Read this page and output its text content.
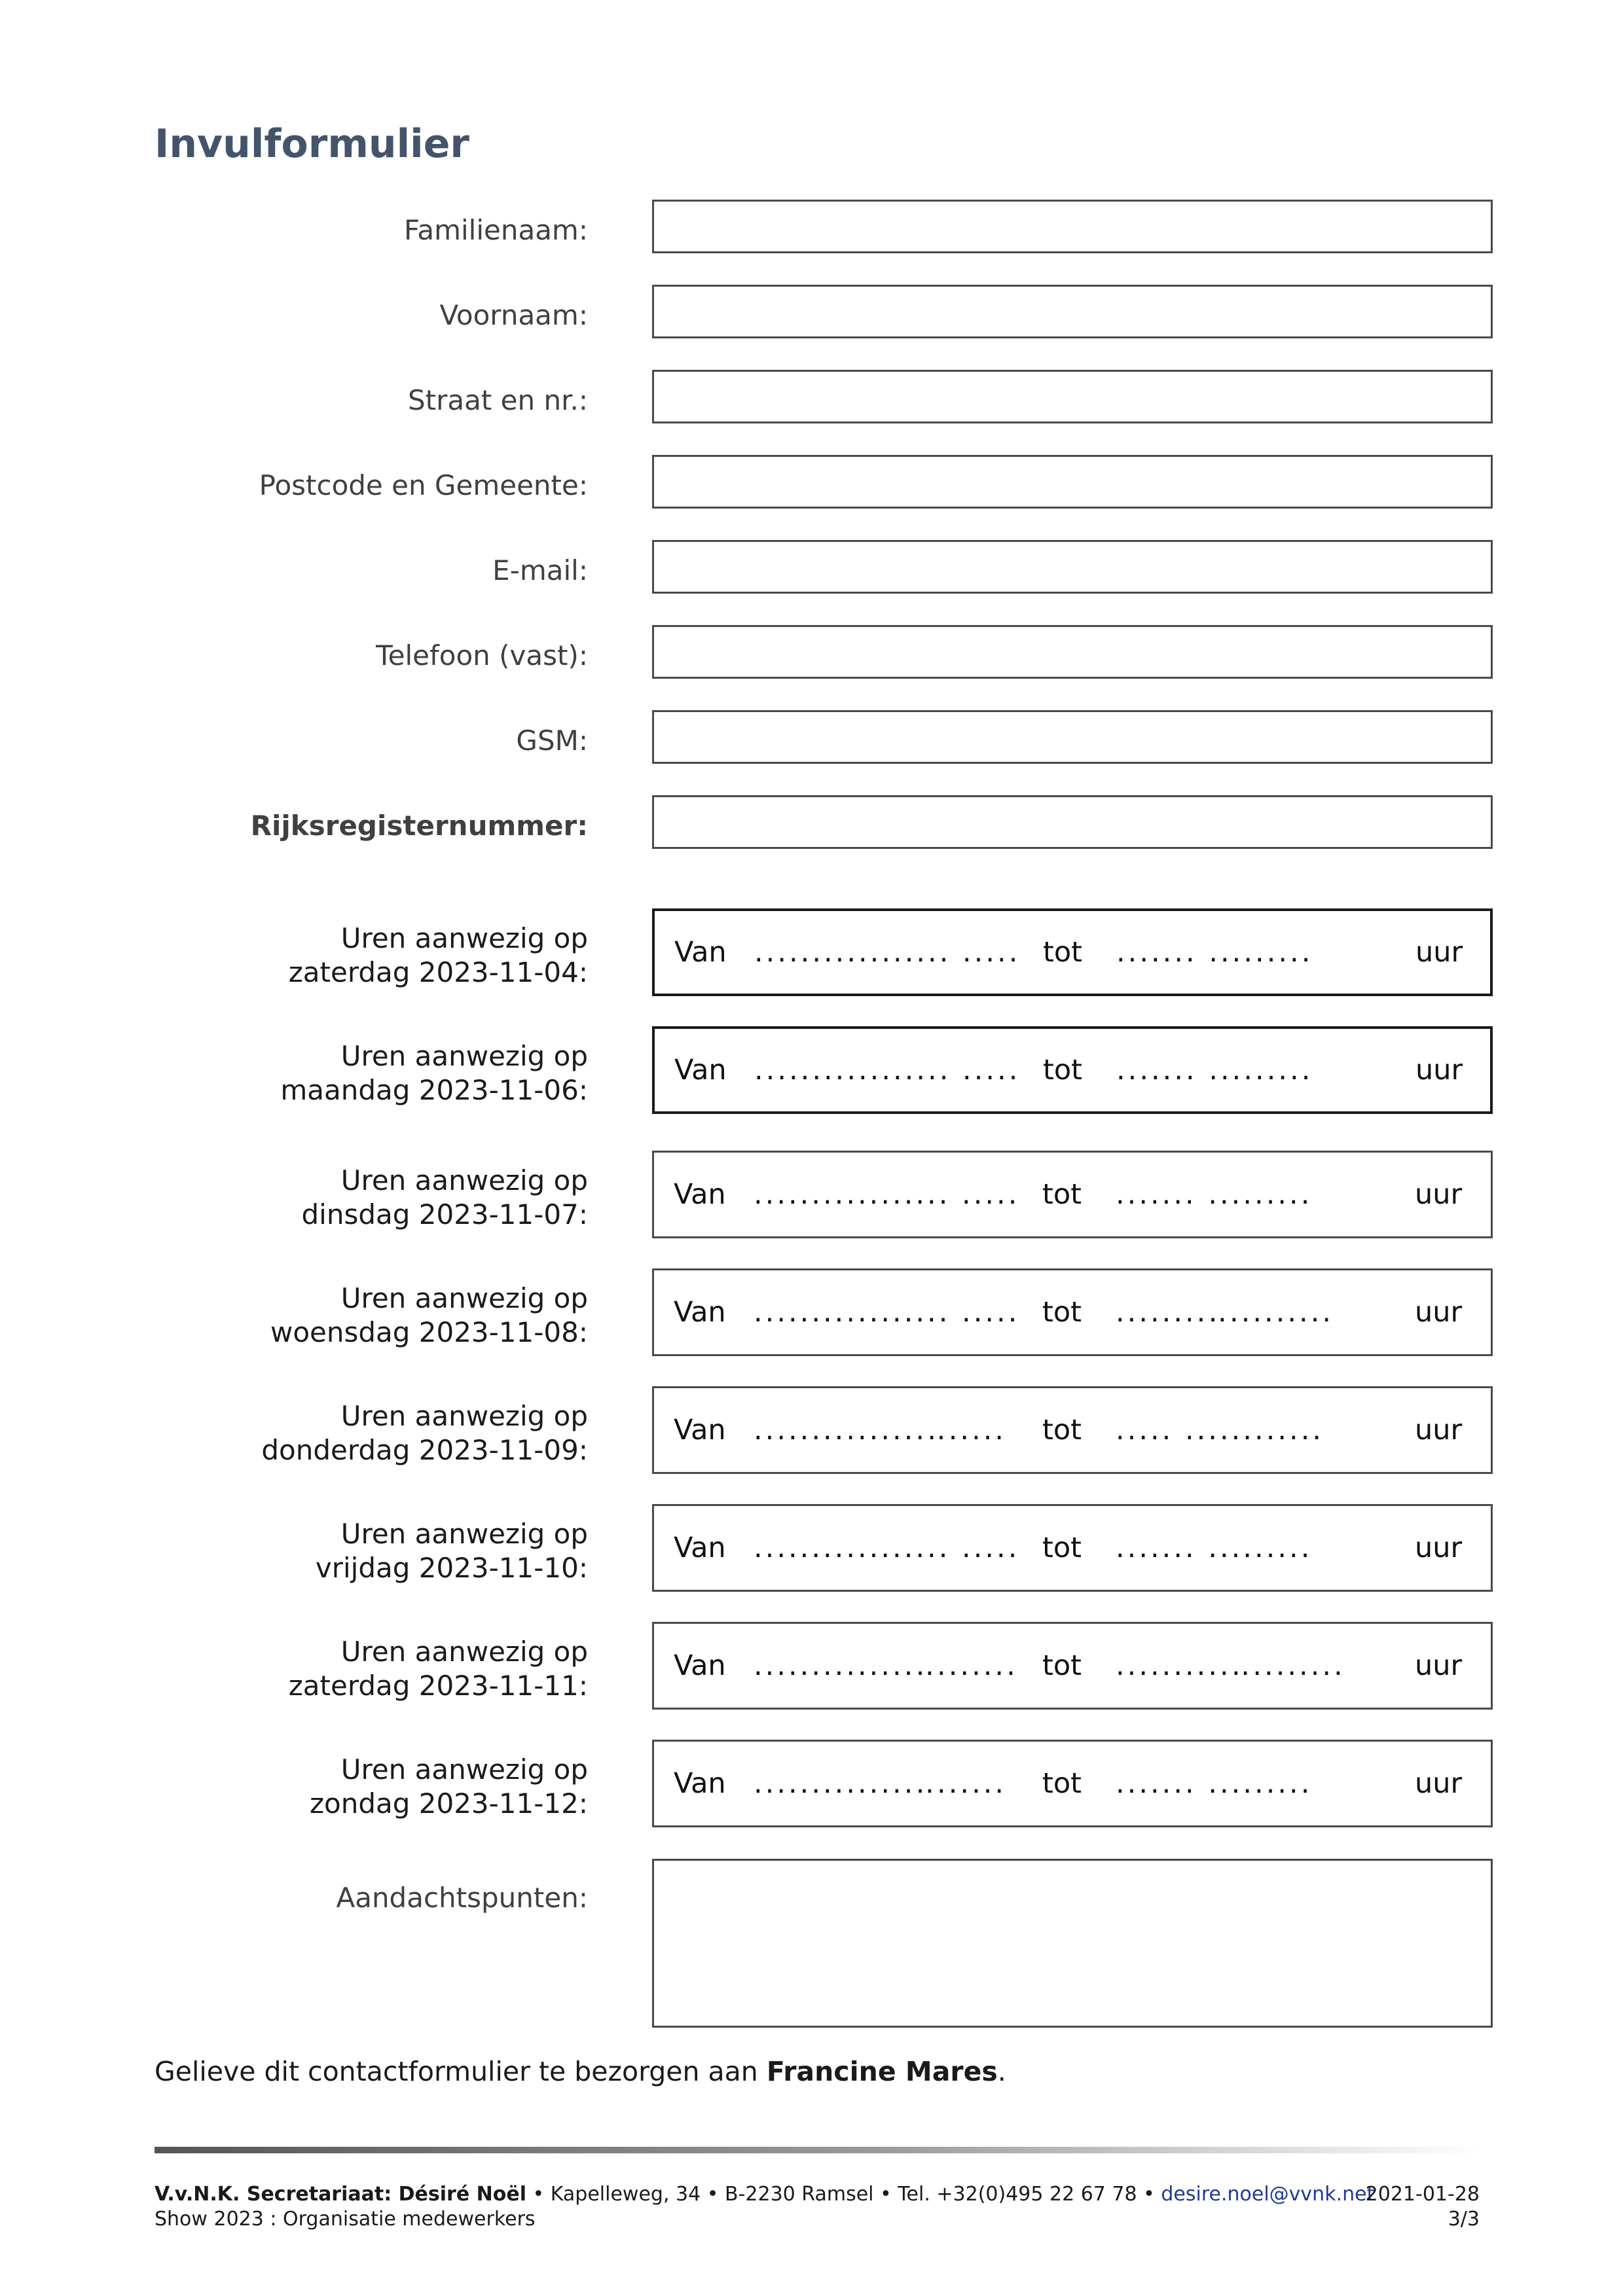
Invulformulier
Familienaam:
Voornaam:
Straat en nr.:
Postcode en Gemeente:
E-mail:
Telefoon (vast):
GSM:
Rijksregisternummer:
Uren aanwezig op
zaterdag 2023-11-04:
Van ................. ..... tot ....... .........	uur
Uren aanwezig op
maandag 2023-11-06:
Van ................. ..... tot ....... .........	uur
Uren aanwezig op
dinsdag 2023-11-07:
Van ................. ..... tot ....... .........	uur
Uren aanwezig op
woensdag 2023-11-08:
Van ................. ..... tot ........‥.........	uur
Uren aanwezig op
donderdag 2023-11-09:
Van ...............‥..... tot ..... ............	uur
Uren aanwezig op
vrijdag 2023-11-10:
Van ................. ..... tot ....... .........	uur
Uren aanwezig op
zaterdag 2023-11-11:
Van ..............‥....... tot ..........‥........ uur
Uren aanwezig op
zondag 2023-11-12:
Van ..............‥...... tot ....... .........	uur
Aandachtspunten:
Gelieve dit contactformulier te bezorgen aan Francine Mares.
V.v.N.K. Secretariaat: Désiré Noël • Kapelleweg, 34 • B-2230 Ramsel • Tel. +32(0)495 22 67 78 • desire.noel@vvnk.net
Show 2023 : Organisatie medewerkers
2021-01-28
3/3
